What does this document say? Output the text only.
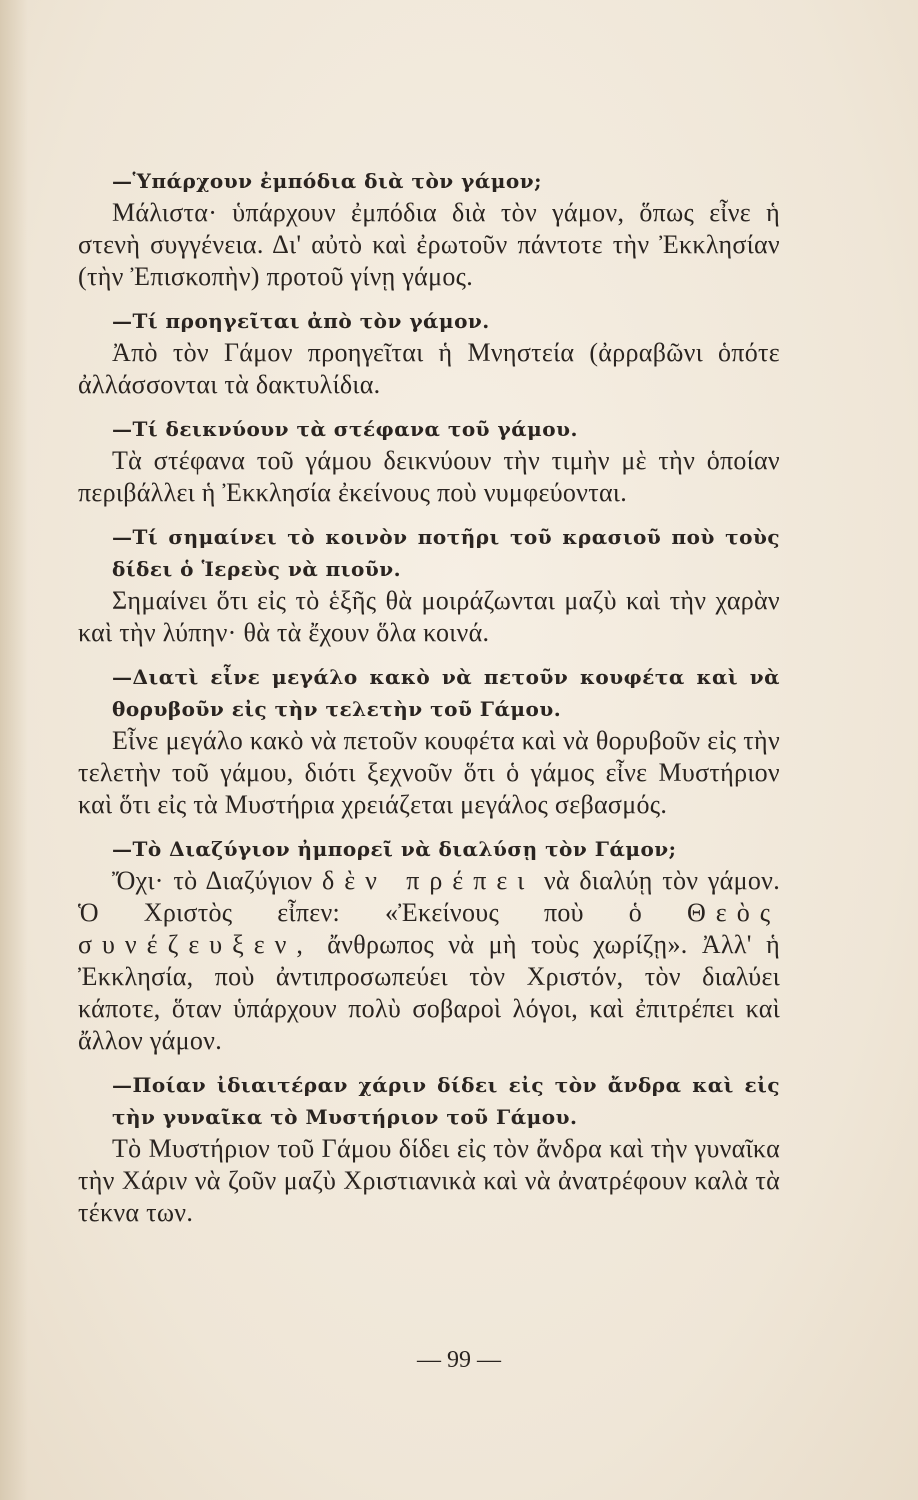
—Ὑπάρχουν ἐμπόδια διὰ τὸν γάμον;

Μάλιστα· ὑπάρχουν ἐμπόδια διὰ τὸν γάμον, ὅπως εἶνε ἡ στενὴ συγγένεια. Δι' αὐτὸ καὶ ἐρωτοῦν πάντοτε τὴν Ἐκκλησίαν (τὴν Ἐπισκοπὴν) προτοῦ γίνῃ γάμος.

—Τί προηγεῖται ἀπὸ τὸν γάμον.

Ἀπὸ τὸν Γάμον προηγεῖται ἡ Μνηστεία (ἀρραβῶνι ὁπότε ἀλλάσσονται τὰ δακτυλίδια.

—Τί δεικνύουν τὰ στέφανα τοῦ γάμου.

Τὰ στέφανα τοῦ γάμου δεικνύουν τὴν τιμὴν μὲ τὴν ὁποίαν περιβάλλει ἡ Ἐκκλησία ἐκείνους ποὺ νυμφεύονται.

—Τί σημαίνει τὸ κοινὸν ποτῆρι τοῦ κρασιοῦ ποὺ τοὺς δίδει ὁ Ἱερεὺς νὰ πιοῦν.

Σημαίνει ὅτι εἰς τὸ ἑξῆς θὰ μοιράζωνται μαζὺ καὶ τὴν χαρὰν καὶ τὴν λύπην· θὰ τὰ ἔχουν ὅλα κοινά.

—Διατὶ εἶνε μεγάλο κακὸ νὰ πετοῦν κουφέτα καὶ νὰ θορυβοῦν εἰς τὴν τελετὴν τοῦ Γάμου.

Εἶνε μεγάλο κακὸ νὰ πετοῦν κουφέτα καὶ νὰ θορυβοῦν εἰς τὴν τελετὴν τοῦ γάμου, διότι ξεχνοῦν ὅτι ὁ γάμος εἶνε Μυστήριον καὶ ὅτι εἰς τὰ Μυστήρια χρειάζεται μεγάλος σεβασμός.

—Τὸ Διαζύγιον ἠμπορεῖ νὰ διαλύσῃ τὸν Γάμον;

Ὄχι· τὸ Διαζύγιον δὲν πρέπει νὰ διαλύῃ τὸν γάμον. Ὁ Χριστὸς εἶπεν: «Ἐκείνους ποὺ ὁ Θεὸς συνέζευξεν, ἄνθρωπος νὰ μὴ τοὺς χωρίζῃ». Ἀλλ' ἡ Ἐκκλησία, ποὺ ἀντιπροσωπεύει τὸν Χριστόν, τὸν διαλύει κάποτε, ὅταν ὑπάρχουν πολὺ σοβαροὶ λόγοι, καὶ ἐπιτρέπει καὶ ἄλλον γάμον.

—Ποίαν ἰδιαιτέραν χάριν δίδει εἰς τὸν ἄνδρα καὶ εἰς τὴν γυναῖκα τὸ Μυστήριον τοῦ Γάμου.

Τὸ Μυστήριον τοῦ Γάμου δίδει εἰς τὸν ἄνδρα καὶ τὴν γυναῖκα τὴν Χάριν νὰ ζοῦν μαζὺ Χριστιανικὰ καὶ νὰ ἀνατρέφουν καλὰ τὰ τέκνα των.

— 99 —
